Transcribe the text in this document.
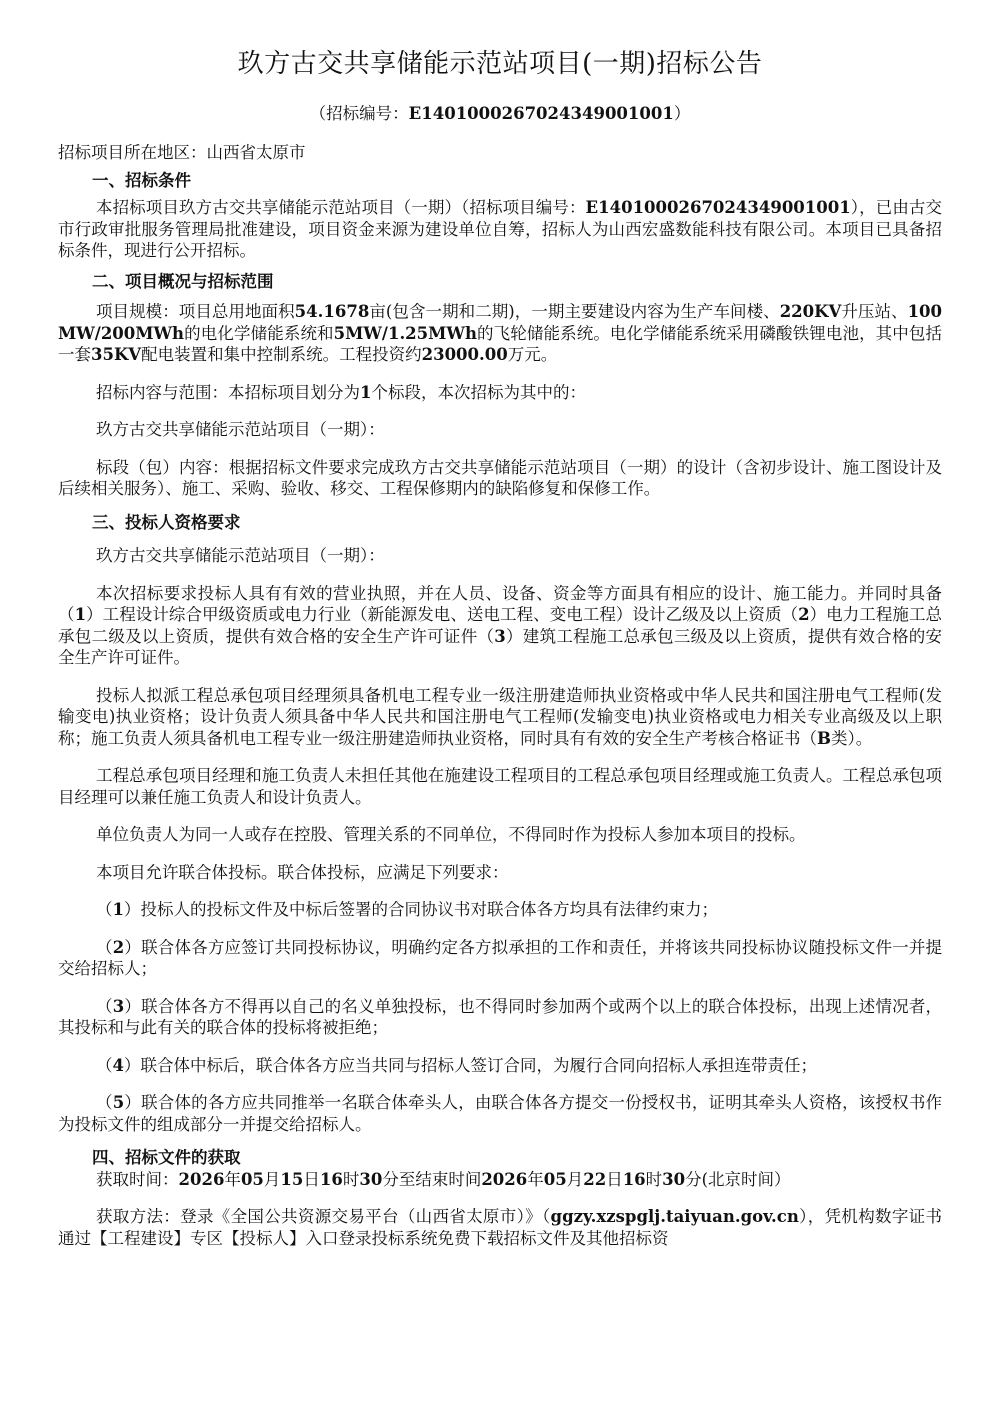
玖方古交共享储能示范站项目(一期)招标公告

（招标编号：E1401000267024349001001）

招标项目所在地区：山西省太原市

一、招标条件

本招标项目玖方古交共享储能示范站项目（一期）（招标项目编号：E1401000267024349001001），已由古交市行政审批服务管理局批准建设，项目资金来源为建设单位自筹，招标人为山西宏盛数能科技有限公司。本项目已具备招标条件，现进行公开招标。

二、项目概况与招标范围

项目规模：项目总用地面积54.1678亩(包含一期和二期)，一期主要建设内容为生产车间楼、220KV升压站、100MW/200MWh的电化学储能系统和5MW/1.25MWh的飞轮储能系统。电化学储能系统采用磷酸铁锂电池，其中包括一套35KV配电装置和集中控制系统。工程投资约23000.00万元。

招标内容与范围：本招标项目划分为1个标段，本次招标为其中的：

玖方古交共享储能示范站项目（一期）：

标段（包）内容：根据招标文件要求完成玖方古交共享储能示范站项目（一期）的设计（含初步设计、施工图设计及后续相关服务）、施工、采购、验收、移交、工程保修期内的缺陷修复和保修工作。

三、投标人资格要求

玖方古交共享储能示范站项目（一期）：

本次招标要求投标人具有有效的营业执照，并在人员、设备、资金等方面具有相应的设计、施工能力。并同时具备（1）工程设计综合甲级资质或电力行业（新能源发电、送电工程、变电工程）设计乙级及以上资质（2）电力工程施工总承包二级及以上资质，提供有效合格的安全生产许可证件（3）建筑工程施工总承包三级及以上资质，提供有效合格的安全生产许可证件。

投标人拟派工程总承包项目经理须具备机电工程专业一级注册建造师执业资格或中华人民共和国注册电气工程师(发输变电)执业资格；设计负责人须具备中华人民共和国注册电气工程师(发输变电)执业资格或电力相关专业高级及以上职称；施工负责人须具备机电工程专业一级注册建造师执业资格，同时具有有效的安全生产考核合格证书（B类）。

工程总承包项目经理和施工负责人未担任其他在施建设工程项目的工程总承包项目经理或施工负责人。工程总承包项目经理可以兼任施工负责人和设计负责人。

单位负责人为同一人或存在控股、管理关系的不同单位，不得同时作为投标人参加本项目的投标。

本项目允许联合体投标。联合体投标，应满足下列要求：

（1）投标人的投标文件及中标后签署的合同协议书对联合体各方均具有法律约束力；

（2）联合体各方应签订共同投标协议，明确约定各方拟承担的工作和责任，并将该共同投标协议随投标文件一并提交给招标人；

（3）联合体各方不得再以自己的名义单独投标，也不得同时参加两个或两个以上的联合体投标，出现上述情况者，其投标和与此有关的联合体的投标将被拒绝；

（4）联合体中标后，联合体各方应当共同与招标人签订合同，为履行合同向招标人承担连带责任；

（5）联合体的各方应共同推举一名联合体牵头人，由联合体各方提交一份授权书，证明其牵头人资格，该授权书作为投标文件的组成部分一并提交给招标人。

四、招标文件的获取

获取时间：2026年05月15日16时30分至结束时间2026年05月22日16时30分(北京时间）

获取方法：登录《全国公共资源交易平台（山西省太原市）》（ggzy.xzspglj.taiyuan.gov.cn），凭机构数字证书通过【工程建设】专区【投标人】入口登录投标系统免费下载招标文件及其他招标资
